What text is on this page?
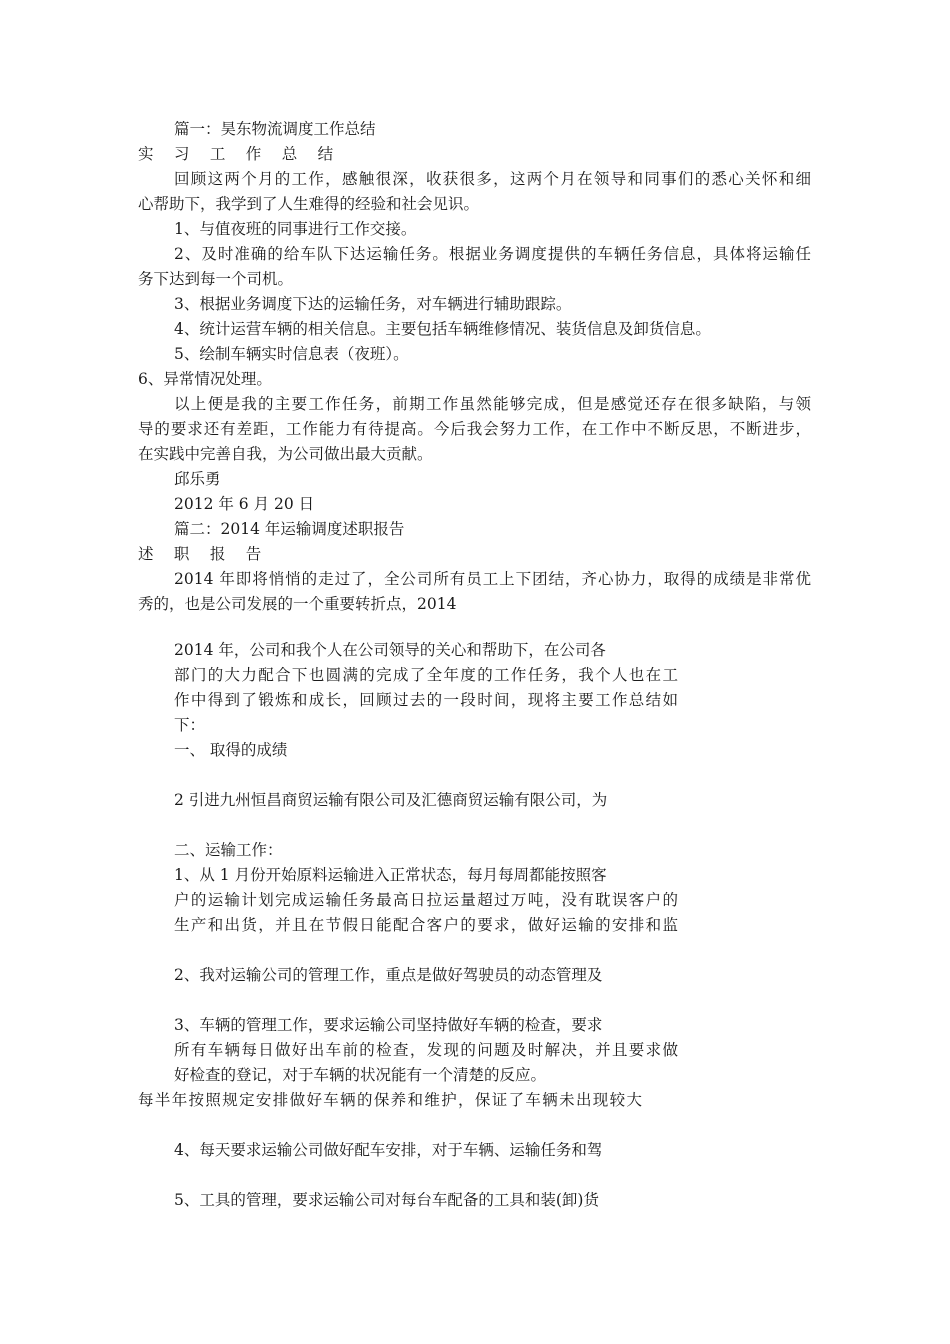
篇一：昊东物流调度工作总结
实 习 工 作 总 结
回顾这两个月的工作，感触很深，收获很多，这两个月在领导和同事们的悉心关怀和细
心帮助下，我学到了人生难得的经验和社会见识。
1、与值夜班的同事进行工作交接。
2、及时准确的给车队下达运输任务。根据业务调度提供的车辆任务信息，具体将运输任
务下达到每一个司机。
3、根据业务调度下达的运输任务，对车辆进行辅助跟踪。
4、统计运营车辆的相关信息。主要包括车辆维修情况、装货信息及卸货信息。
5、绘制车辆实时信息表（夜班）。
6、异常情况处理。
以上便是我的主要工作任务，前期工作虽然能够完成，但是感觉还存在很多缺陷，与领
导的要求还有差距，工作能力有待提高。今后我会努力工作，在工作中不断反思，不断进步，
在实践中完善自我，为公司做出最大贡献。
邱乐勇
2012 年 6 月 20 日
篇二：2014 年运输调度述职报告
述 职 报 告
2014 年即将悄悄的走过了，全公司所有员工上下团结，齐心协力，取得的成绩是非常优
秀的，也是公司发展的一个重要转折点，2014
2014 年，公司和我个人在公司领导的关心和帮助下，在公司各
部门的大力配合下也圆满的完成了全年度的工作任务，我个人也在工
作中得到了锻炼和成长，回顾过去的一段时间，现将主要工作总结如
下：
一、 取得的成绩
2 引进九州恒昌商贸运输有限公司及汇德商贸运输有限公司，为
二、运输工作：
1、从 1 月份开始原料运输进入正常状态，每月每周都能按照客
户的运输计划完成运输任务最高日拉运量超过万吨，没有耽误客户的
生产和出货，并且在节假日能配合客户的要求，做好运输的安排和监
2、我对运输公司的管理工作，重点是做好驾驶员的动态管理及
3、车辆的管理工作，要求运输公司坚持做好车辆的检查，要求
所有车辆每日做好出车前的检查，发现的问题及时解决，并且要求做
好检查的登记，对于车辆的状况能有一个清楚的反应。
每半年按照规定安排做好车辆的保养和维护，保证了车辆未出现较大
4、每天要求运输公司做好配车安排，对于车辆、运输任务和驾
5、工具的管理，要求运输公司对每台车配备的工具和装(卸)货
